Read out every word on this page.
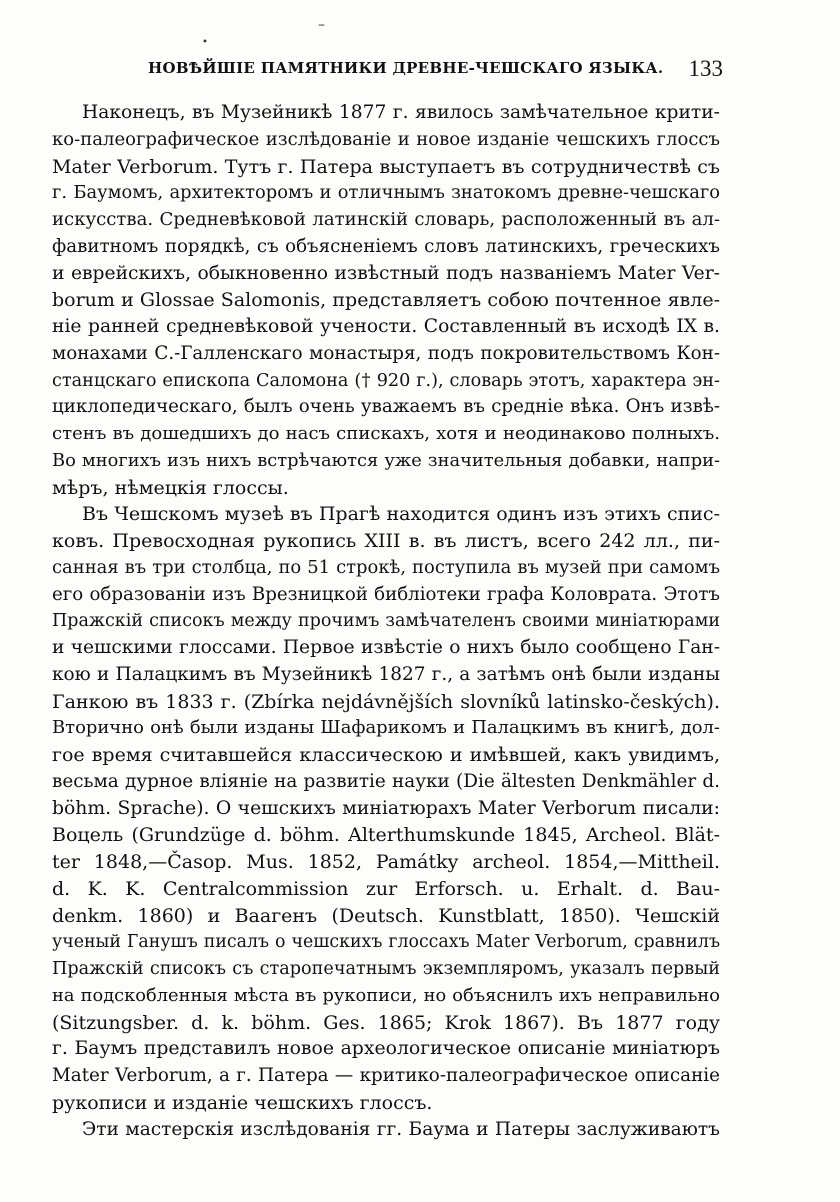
–
•
НОВѢЙШІЕ ПАМЯТНИКИ ДРЕВНЕ-ЧЕШСКАГО ЯЗЫКА. 133
Наконецъ, въ Музейникѣ 1877 г. явилось замѣчательное крити-
ко-палеографическое изслѣдованіе и новое изданіе чешскихъ глоссъ
Mater Verborum. Тутъ г. Патера выступаетъ въ сотрудничествѣ съ
г. Баумомъ, архитекторомъ и отличнымъ знатокомъ древне-чешскаго
искусства. Средневѣковой латинскій словарь, расположенный въ ал-
фавитномъ порядкѣ, съ объясненіемъ словъ латинскихъ, греческихъ
и еврейскихъ, обыкновенно извѣстный подъ названіемъ Mater Ver-
borum и Glossae Salomonis, представляетъ собою почтенное явле-
ніе ранней средневѣковой учености. Составленный въ исходѣ IX в.
монахами С.-Галленскаго монастыря, подъ покровительствомъ Кон-
станцскаго епископа Саломона († 920 г.), словарь этотъ, характера эн-
циклопедическаго, былъ очень уважаемъ въ средніе вѣка. Онъ извѣ-
стенъ въ дошедшихъ до насъ спискахъ, хотя и неодинаково полныхъ.
Во многихъ изъ нихъ встрѣчаются уже значительныя добавки, напри-
мѣръ, нѣмецкія глоссы.
Въ Чешскомъ музеѣ въ Прагѣ находится одинъ изъ этихъ спис-
ковъ. Превосходная рукопись XIII в. въ листъ, всего 242 лл., пи-
санная въ три столбца, по 51 строкѣ, поступила въ музей при самомъ
его образованіи изъ Врезницкой библіотеки графа Коловрата. Этотъ
Пражскій списокъ между прочимъ замѣчателенъ своими миніатюрами
и чешскими глоссами. Первое извѣстіе о нихъ было сообщено Ган-
кою и Палацкимъ въ Музейникѣ 1827 г., а затѣмъ онѣ были изданы
Ганкою въ 1833 г. (Zbírka nejdávnějších slovníků latinsko-českých).
Вторично онѣ были изданы Шафарикомъ и Палацкимъ въ книгѣ, дол-
гое время считавшейся классическою и имѣвшей, какъ увидимъ,
весьма дурное вліяніе на развитіе науки (Die ältesten Denkmähler d.
böhm. Sprache). О чешскихъ миніатюрахъ Mater Verborum писали:
Воцель (Grundzüge d. böhm. Alterthumskunde 1845, Archeol. Blät-
ter 1848,—Časop. Mus. 1852, Památky archeol. 1854,—Mittheil.
d. K. K. Centralcommission zur Erforsch. u. Erhalt. d. Bau-
denkm. 1860) и Ваагенъ (Deutsch. Kunstblatt, 1850). Чешскій
ученый Ганушъ писалъ о чешскихъ глоссахъ Mater Verborum, сравнилъ
Пражскій списокъ съ старопечатнымъ экземпляромъ, указалъ первый
на подскобленныя мѣста въ рукописи, но объяснилъ ихъ неправильно
(Sitzungsber. d. k. böhm. Ges. 1865; Krok 1867). Въ 1877 году
г. Баумъ представилъ новое археологическое описаніе миніатюръ
Mater Verborum, а г. Патера — критико-палеографическое описаніе
рукописи и изданіе чешскихъ глоссъ.
Эти мастерскія изслѣдованія гг. Баума и Патеры заслуживаютъ
